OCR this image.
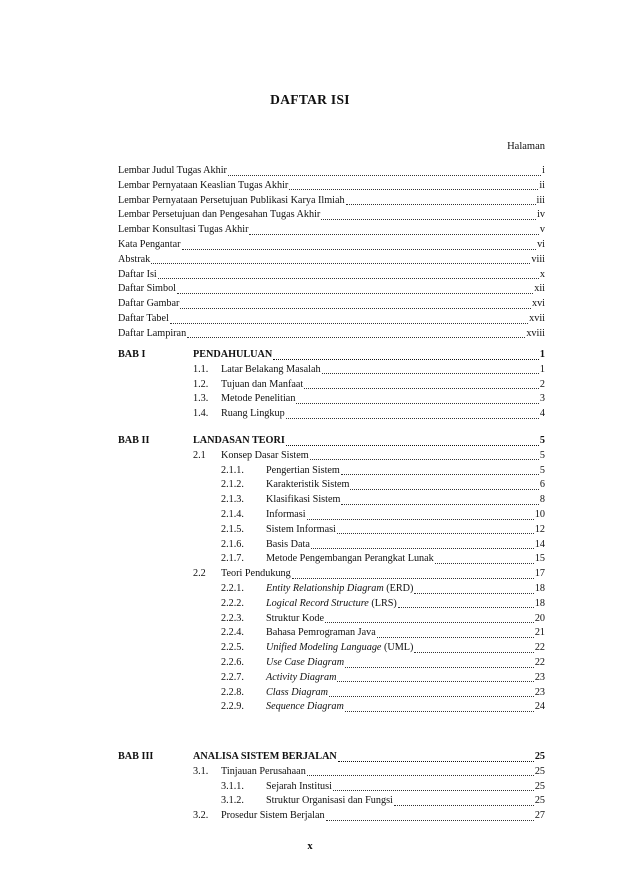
DAFTAR ISI
Halaman
Lembar Judul Tugas Akhir	i
Lembar Pernyataan Keaslian Tugas Akhir	ii
Lembar Pernyataan Persetujuan Publikasi Karya Ilmiah	iii
Lembar Persetujuan dan Pengesahan Tugas Akhir	iv
Lembar Konsultasi Tugas Akhir	v
Kata Pengantar	vi
Abstrak	viii
Daftar Isi	x
Daftar Simbol	xii
Daftar Gambar	xvi
Daftar Tabel	xvii
Daftar Lampiran	xviii
BAB I	PENDAHULUAN	1
1.1. Latar Belakang Masalah	1
1.2. Tujuan dan Manfaat	2
1.3. Metode Penelitian	3
1.4. Ruang Lingkup	4
BAB II	LANDASAN TEORI	5
2.1 Konsep Dasar Sistem	5
2.1.1. Pengertian Sistem	5
2.1.2. Karakteristik Sistem	6
2.1.3. Klasifikasi Sistem	8
2.1.4. Informasi	10
2.1.5. Sistem Informasi	12
2.1.6. Basis Data	14
2.1.7. Metode Pengembangan Perangkat Lunak	15
2.2 Teori Pendukung	17
2.2.1. Entity Relationship Diagram (ERD)	18
2.2.2. Logical Record Structure (LRS)	18
2.2.3. Struktur Kode	20
2.2.4. Bahasa Pemrograman Java	21
2.2.5. Unified Modeling Language (UML)	22
2.2.6. Use Case Diagram	22
2.2.7. Activity Diagram	23
2.2.8. Class Diagram	23
2.2.9. Sequence Diagram	24
BAB III	ANALISA SISTEM BERJALAN	25
3.1. Tinjauan Perusahaan	25
3.1.1. Sejarah Institusi	25
3.1.2. Struktur Organisasi dan Fungsi	25
3.2. Prosedur Sistem Berjalan	27
x
